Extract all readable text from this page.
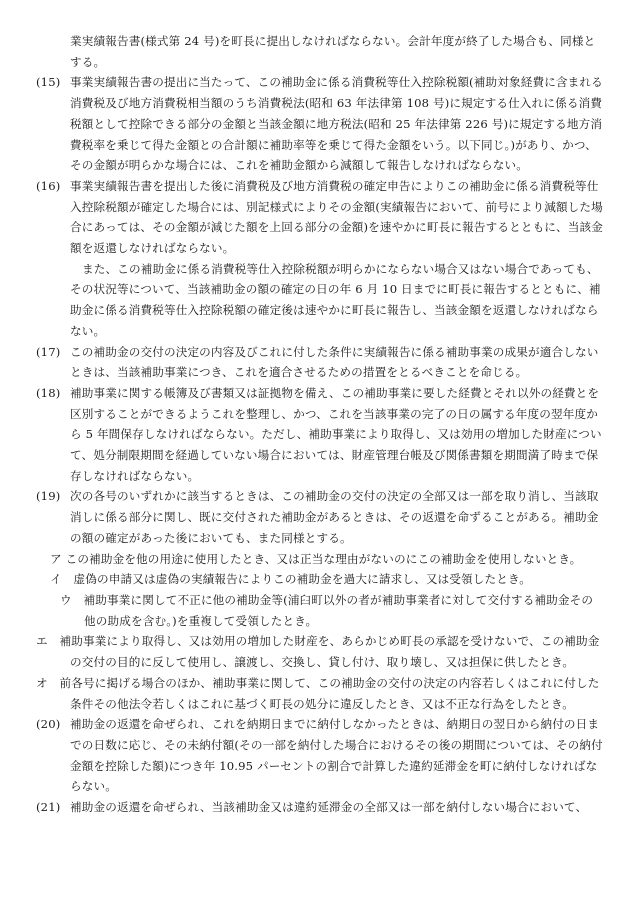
業実績報告書(様式第 24 号)を町長に提出しなければならない。会計年度が終了した場合も、同様とする。

(15) 事業実績報告書の提出に当たって、この補助金に係る消費税等仕入控除税額(補助対象経費に含まれる消費税及び地方消費税相当額のうち消費税法(昭和 63 年法律第 108 号)に規定する仕入れに係る消費税額として控除できる部分の金額と当該金額に地方税法(昭和 25 年法律第 226 号)に規定する地方消費税率を乗じて得た金額との合計額に補助率等を乗じて得た金額をいう。以下同じ。)があり、かつ、その金額が明らかな場合には、これを補助金額から減額して報告しなければならない。

(16) 事業実績報告書を提出した後に消費税及び地方消費税の確定申告によりこの補助金に係る消費税等仕入控除税額が確定した場合には、別記様式によりその金額(実績報告において、前号により減額した場合にあっては、その金額が減じた額を上回る部分の金額)を速やかに町長に報告するとともに、当該金額を返還しなければならない。

また、この補助金に係る消費税等仕入控除税額が明らかにならない場合又はない場合であっても、その状況等について、当該補助金の額の確定の日の年 6 月 10 日までに町長に報告するとともに、補助金に係る消費税等仕入控除税額の確定後は速やかに町長に報告し、当該金額を返還しなければならない。

(17) この補助金の交付の決定の内容及びこれに付した条件に実績報告に係る補助事業の成果が適合しないときは、当該補助事業につき、これを適合させるための措置をとるべきことを命じる。

(18) 補助事業に関する帳簿及び書類又は証拠物を備え、この補助事業に要した経費とそれ以外の経費とを区別することができるようこれを整理し、かつ、これを当該事業の完了の日の属する年度の翌年度から 5 年間保存しなければならない。ただし、補助事業により取得し、又は効用の増加した財産について、処分制限期間を経過していない場合においては、財産管理台帳及び関係書類を期間満了時まで保存しなければならない。

(19) 次の各号のいずれかに該当するときは、この補助金の交付の決定の全部又は一部を取り消し、当該取消しに係る部分に関し、既に交付された補助金があるときは、その返還を命ずることがある。補助金の額の確定があった後においても、また同様とする。

ア この補助金を他の用途に使用したとき、又は正当な理由がないのにこの補助金を使用しないとき。

イ　 虚偽の申請又は虚偽の実績報告によりこの補助金を過大に請求し、又は受領したとき。

ウ　 補助事業に関して不正に他の補助金等(浦臼町以外の者が補助事業者に対して交付する補助金その他の助成を含む。)を重複して受領したとき。

エ　 補助事業により取得し、又は効用の増加した財産を、あらかじめ町長の承認を受けないで、この補助金の交付の目的に反して使用し、譲渡し、交換し、貸し付け、取り壊し、又は担保に供したとき。

オ　 前各号に掲げる場合のほか、補助事業に関して、この補助金の交付の決定の内容若しくはこれに付した条件その他法令若しくはこれに基づく町長の処分に違反したとき、又は不正な行為をしたとき。

(20) 補助金の返還を命ぜられ、これを納期日までに納付しなかったときは、納期日の翌日から納付の日までの日数に応じ、その未納付額(その一部を納付した場合におけるその後の期間については、その納付金額を控除した額)につき年 10.95 パーセントの割合で計算した違約延滞金を町に納付しなければならない。

(21) 補助金の返還を命ぜられ、当該補助金又は違約延滞金の全部又は一部を納付しない場合において、
